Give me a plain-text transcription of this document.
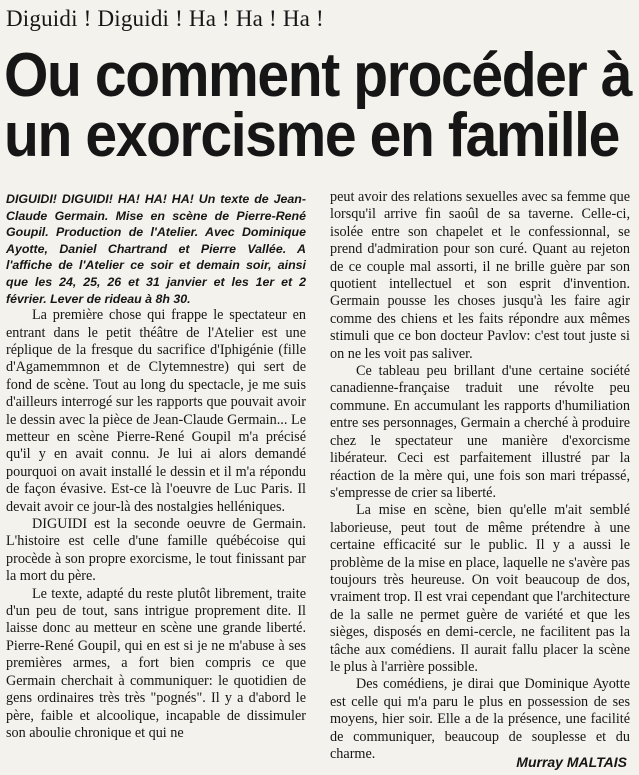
Diguidi ! Diguidi ! Ha ! Ha ! Ha !
Ou comment procéder à
un exorcisme en famille

DIGUIDI! DIGUIDI! HA! HA! HA! Un texte de Jean-Claude Germain. Mise en scène de Pierre-René Goupil. Production de l'Atelier. Avec Dominique Ayotte, Daniel Chartrand et Pierre Vallée. A l'affiche de l'Atelier ce soir et demain soir, ainsi que les 24, 25, 26 et 31 janvier et les 1er et 2 février. Lever de rideau à 8h 30.

La première chose qui frappe le spectateur en entrant dans le petit théâtre de l'Atelier est une réplique de la fresque du sacrifice d'Iphigénie (fille d'Agamemmnon et de Clytemnestre) qui sert de fond de scène. Tout au long du spectacle, je me suis d'ailleurs interrogé sur les rapports que pouvait avoir le dessin avec la pièce de Jean-Claude Germain... Le metteur en scène Pierre-René Goupil m'a précisé qu'il y en avait connu. Je lui ai alors demandé pourquoi on avait installé le dessin et il m'a répondu de façon évasive. Est-ce là l'oeuvre de Luc Paris. Il devait avoir ce jour-là des nostalgies helléniques.

DIGUIDI est la seconde oeuvre de Germain. L'histoire est celle d'une famille québécoise qui procède à son propre exorcisme, le tout finissant par la mort du père.

Le texte, adapté du reste plutôt librement, traite d'un peu de tout, sans intrigue proprement dite. Il laisse donc au metteur en scène une grande liberté. Pierre-René Goupil, qui en est si je ne m'abuse à ses premières armes, a fort bien compris ce que Germain cherchait à communiquer: le quotidien de gens ordinaires très très "pognés". Il y a d'abord le père, faible et alcoolique, incapable de dissimuler son aboulie chronique et qui ne

peut avoir des relations sexuelles avec sa femme que lorsqu'il arrive fin saoûl de sa taverne. Celle-ci, isolée entre son chapelet et le confessionnal, se prend d'admiration pour son curé. Quant au rejeton de ce couple mal assorti, il ne brille guère par son quotient intellectuel et son esprit d'invention. Germain pousse les choses jusqu'à les faire agir comme des chiens et les faits répondre aux mêmes stimuli que ce bon docteur Pavlov: c'est tout juste si on ne les voit pas saliver.

Ce tableau peu brillant d'une certaine société canadienne-française traduit une révolte peu commune. En accumulant les rapports d'humiliation entre ses personnages, Germain a cherché à produire chez le spectateur une manière d'exorcisme libérateur. Ceci est parfaitement illustré par la réaction de la mère qui, une fois son mari trépassé, s'empresse de crier sa liberté.

La mise en scène, bien qu'elle m'ait semblé laborieuse, peut tout de même prétendre à une certaine efficacité sur le public. Il y a aussi le problème de la mise en place, laquelle ne s'avère pas toujours très heureuse. On voit beaucoup de dos, vraiment trop. Il est vrai cependant que l'architecture de la salle ne permet guère de variété et que les sièges, disposés en demi-cercle, ne facilitent pas la tâche aux comédiens. Il aurait fallu placer la scène le plus à l'arrière possible.

Des comédiens, je dirai que Dominique Ayotte est celle qui m'a paru le plus en possession de ses moyens, hier soir. Elle a de la présence, une facilité de communiquer, beaucoup de souplesse et du charme.	Murray MALTAIS
